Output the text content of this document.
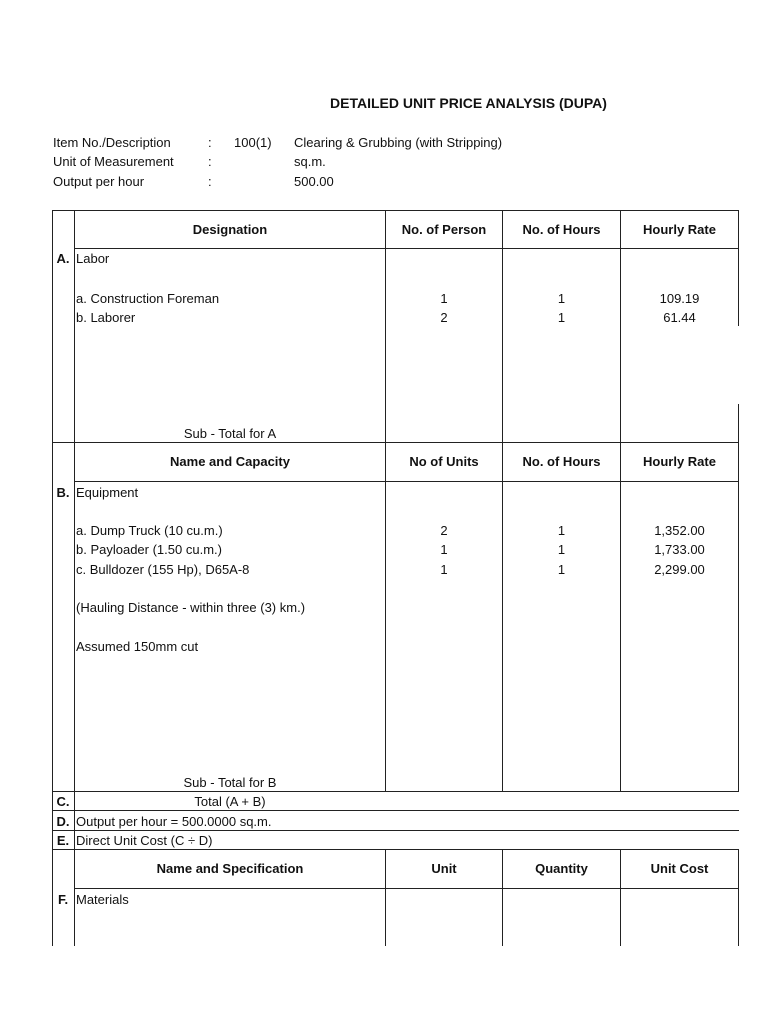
DETAILED UNIT PRICE ANALYSIS (DUPA)
Item No./Description	: 100(1) Clearing & Grubbing (with Stripping)
Unit of Measurement	:	sq.m.
Output per hour	:	500.00
Designation	No. of Person	No. of Hours	Hourly Rate
A. Labor
a. Construction Foreman	1	1	109.19
b. Laborer	2	1	61.44
Sub - Total for A
Name and Capacity	No of Units	No. of Hours	Hourly Rate
B. Equipment
a. Dump Truck (10 cu.m.)	2	1	1,352.00
b. Payloader (1.50 cu.m.)	1	1	1,733.00
c. Bulldozer (155 Hp), D65A-8	1	1	2,299.00
(Hauling Distance - within three (3) km.)
Assumed 150mm cut
Sub - Total for B
C.	Total (A + B)
D. Output per hour = 500.0000 sq.m.
E. Direct Unit Cost (C ÷ D)
Name and Specification	Unit	Quantity	Unit Cost
F. Materials
